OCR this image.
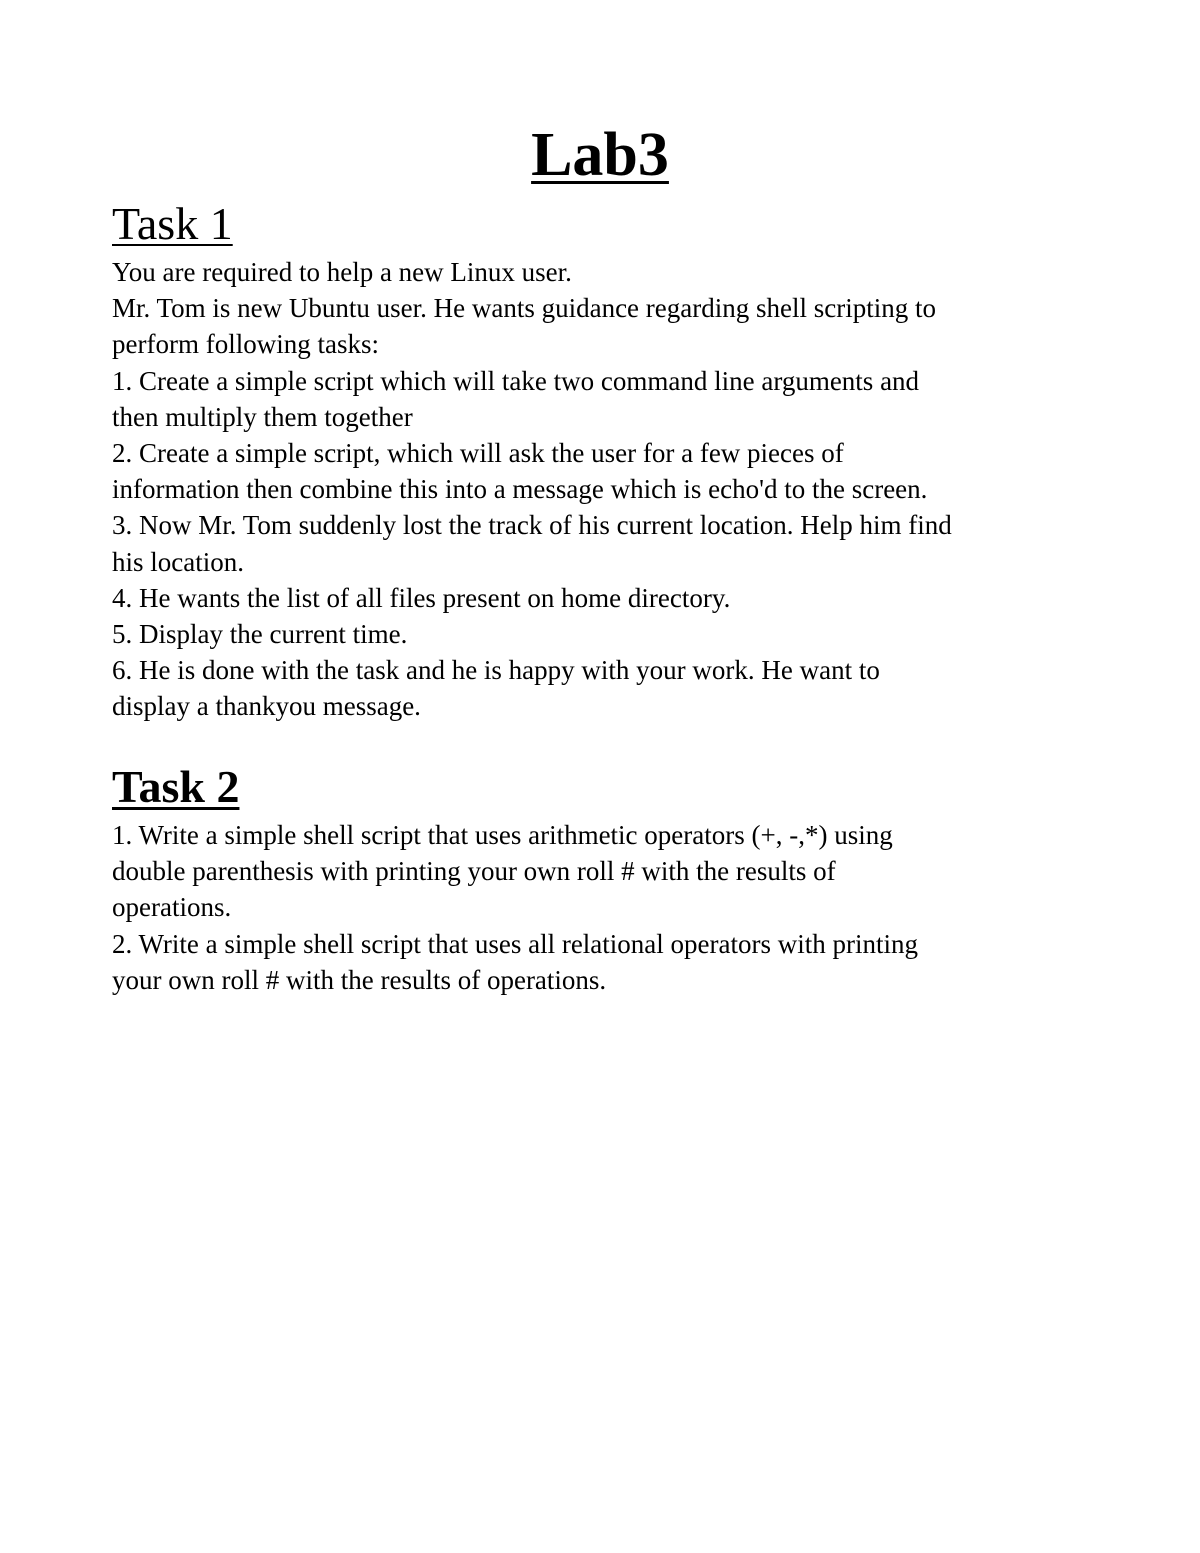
Lab3
Task 1
You are required to help a new Linux user.
Mr. Tom is new Ubuntu user. He wants guidance regarding shell scripting to
perform following tasks:
1. Create a simple script which will take two command line arguments and
then multiply them together
2. Create a simple script, which will ask the user for a few pieces of
information then combine this into a message which is echo'd to the screen.
3. Now Mr. Tom suddenly lost the track of his current location. Help him find
his location.
4. He wants the list of all files present on home directory.
5. Display the current time.
6. He is done with the task and he is happy with your work. He want to
display a thankyou message.
Task 2
1. Write a simple shell script that uses arithmetic operators (+, -,*) using
double parenthesis with printing your own roll # with the results of
operations.
2. Write a simple shell script that uses all relational operators with printing
your own roll # with the results of operations.
